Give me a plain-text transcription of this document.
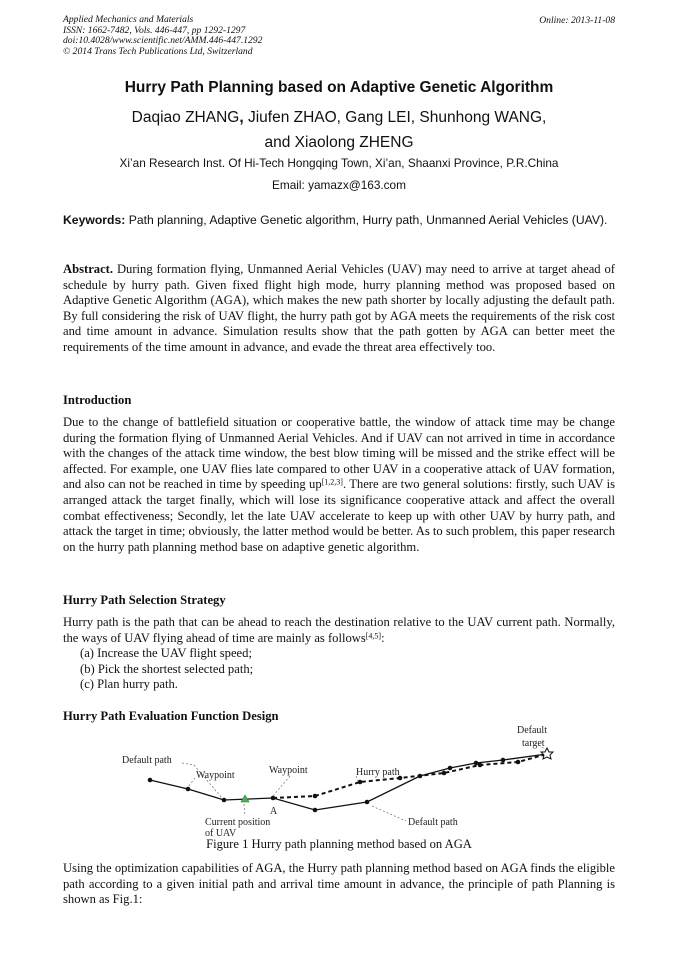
Applied Mechanics and Materials
ISSN: 1662-7482, Vols. 446-447, pp 1292-1297
doi:10.4028/www.scientific.net/AMM.446-447.1292
© 2014 Trans Tech Publications Ltd, Switzerland
Online: 2013-11-08
Hurry Path Planning based on Adaptive Genetic Algorithm
Daqiao ZHANG, Jiufen ZHAO, Gang LEI, Shunhong WANG,
and Xiaolong ZHENG
Xi’an Research Inst. Of Hi-Tech Hongqing Town, Xi’an, Shaanxi Province, P.R.China
Email: yamazx@163.com
Keywords: Path planning, Adaptive Genetic algorithm, Hurry path, Unmanned Aerial Vehicles (UAV).
Abstract. During formation flying, Unmanned Aerial Vehicles (UAV) may need to arrive at target ahead of schedule by hurry path. Given fixed flight high mode, hurry planning method was proposed based on Adaptive Genetic Algorithm (AGA), which makes the new path shorter by locally adjusting the default path. By full considering the risk of UAV flight, the hurry path got by AGA meets the requirements of the risk cost and time amount in advance. Simulation results show that the path gotten by AGA can better meet the requirements of the time amount in advance, and evade the threat area effectively too.
Introduction
Due to the change of battlefield situation or cooperative battle, the window of attack time may be change during the formation flying of Unmanned Aerial Vehicles. And if UAV can not arrived in time in accordance with the changes of the attack time window, the best blow timing will be missed and the strike effect will be affected. For example, one UAV flies late compared to other UAV in a cooperative attack of UAV formation, and also can not be reached in time by speeding up[1,2,3]. There are two general solutions: firstly, such UAV is arranged attack the target finally, which will lose its significance cooperative attack and affect the overall combat effectiveness; Secondly, let the late UAV accelerate to keep up with other UAV by hurry path, and attack the target in time; obviously, the latter method would be better. As to such problem, this paper research on the hurry path planning method base on adaptive genetic algorithm.
Hurry Path Selection Strategy
Hurry path is the path that can be ahead to reach the destination relative to the UAV current path. Normally, the ways of UAV flying ahead of time are mainly as follows[4,5]:
(a) Increase the UAV flight speed;
(b) Pick the shortest selected path;
(c) Plan hurry path.
Hurry Path Evaluation Function Design
Default path
Waypoint	Waypoint	Hurry path
Default
target
A
Current position
of UAV
Default path
Figure 1 Hurry path planning method based on AGA
Using the optimization capabilities of AGA, the Hurry path planning method based on AGA finds the eligible path according to a given initial path and arrival time amount in advance, the principle of path Planning is shown as Fig.1:
